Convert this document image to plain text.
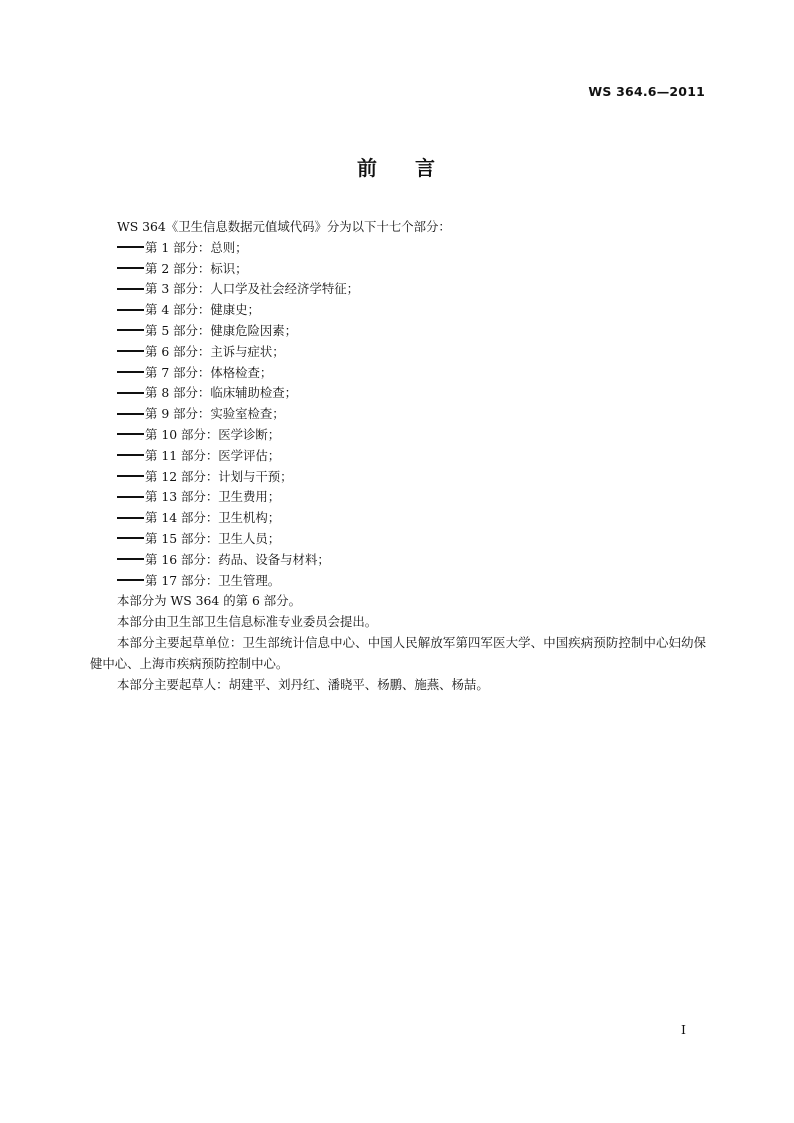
WS 364.6—2011
前 言
WS 364《卫生信息数据元值域代码》分为以下十七个部分：
第 1 部分：总则；
第 2 部分：标识；
第 3 部分：人口学及社会经济学特征；
第 4 部分：健康史；
第 5 部分：健康危险因素；
第 6 部分：主诉与症状；
第 7 部分：体格检查；
第 8 部分：临床辅助检查；
第 9 部分：实验室检查；
第 10 部分：医学诊断；
第 11 部分：医学评估；
第 12 部分：计划与干预；
第 13 部分：卫生费用；
第 14 部分：卫生机构；
第 15 部分：卫生人员；
第 16 部分：药品、设备与材料；
第 17 部分：卫生管理。
本部分为 WS 364 的第 6 部分。
本部分由卫生部卫生信息标准专业委员会提出。
本部分主要起草单位：卫生部统计信息中心、中国人民解放军第四军医大学、中国疾病预防控制中心妇幼保健中心、上海市疾病预防控制中心。
本部分主要起草人：胡建平、刘丹红、潘晓平、杨鹏、施燕、杨喆。
I
